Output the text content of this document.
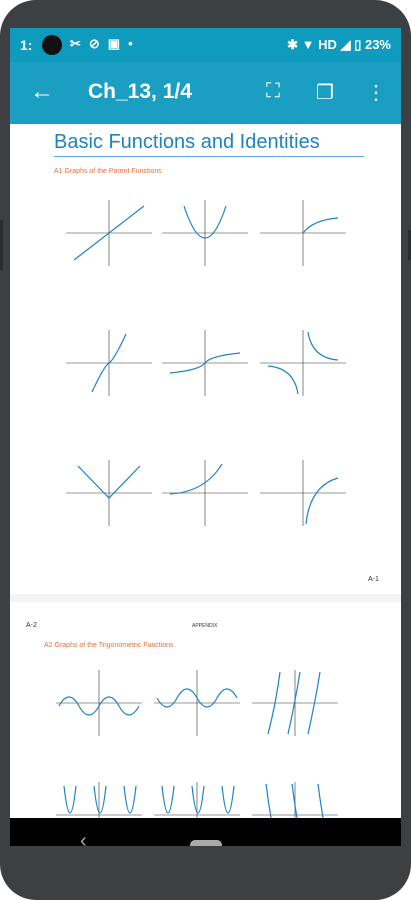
1:	✂⊘▣•	✱ ▼ HD ◢ ▯ 23%
← Ch_13, 1/4	⛶ ❐ ⋮
Basic Functions and Identities
A1 Graphs of the Parent Functions
A-1
A-2	APPENDIX
A2 Graphs of the Trigonometric Functions
‹
